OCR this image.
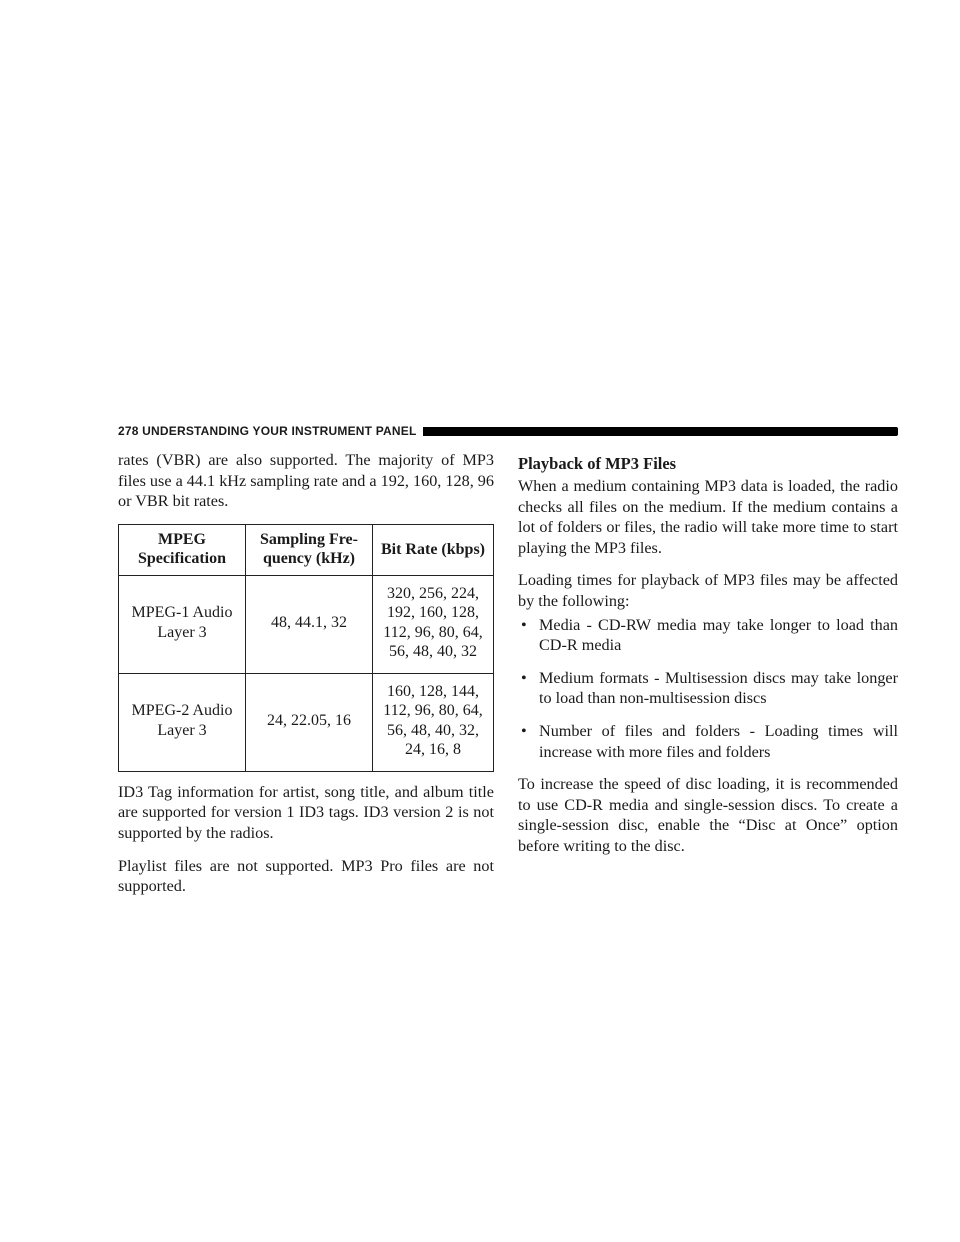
278 UNDERSTANDING YOUR INSTRUMENT PANEL

rates (VBR) are also supported. The majority of MP3 files use a 44.1 kHz sampling rate and a 192, 160, 128, 96 or VBR bit rates.

MPEG Specification	Sampling Fre-quency (kHz)	Bit Rate (kbps)
MPEG-1 Audio Layer 3	48, 44.1, 32	320, 256, 224, 192, 160, 128, 112, 96, 80, 64, 56, 48, 40, 32
MPEG-2 Audio Layer 3	24, 22.05, 16	160, 128, 144, 112, 96, 80, 64, 56, 48, 40, 32, 24, 16, 8

ID3 Tag information for artist, song title, and album title are supported for version 1 ID3 tags. ID3 version 2 is not supported by the radios.

Playlist files are not supported. MP3 Pro files are not supported.

Playback of MP3 Files

When a medium containing MP3 data is loaded, the radio checks all files on the medium. If the medium contains a lot of folders or files, the radio will take more time to start playing the MP3 files.

Loading times for playback of MP3 files may be affected by the following:

• Media - CD-RW media may take longer to load than CD-R media
• Medium formats - Multisession discs may take longer to load than non-multisession discs
• Number of files and folders - Loading times will increase with more files and folders

To increase the speed of disc loading, it is recommended to use CD-R media and single-session discs. To create a single-session disc, enable the “Disc at Once” option before writing to the disc.
